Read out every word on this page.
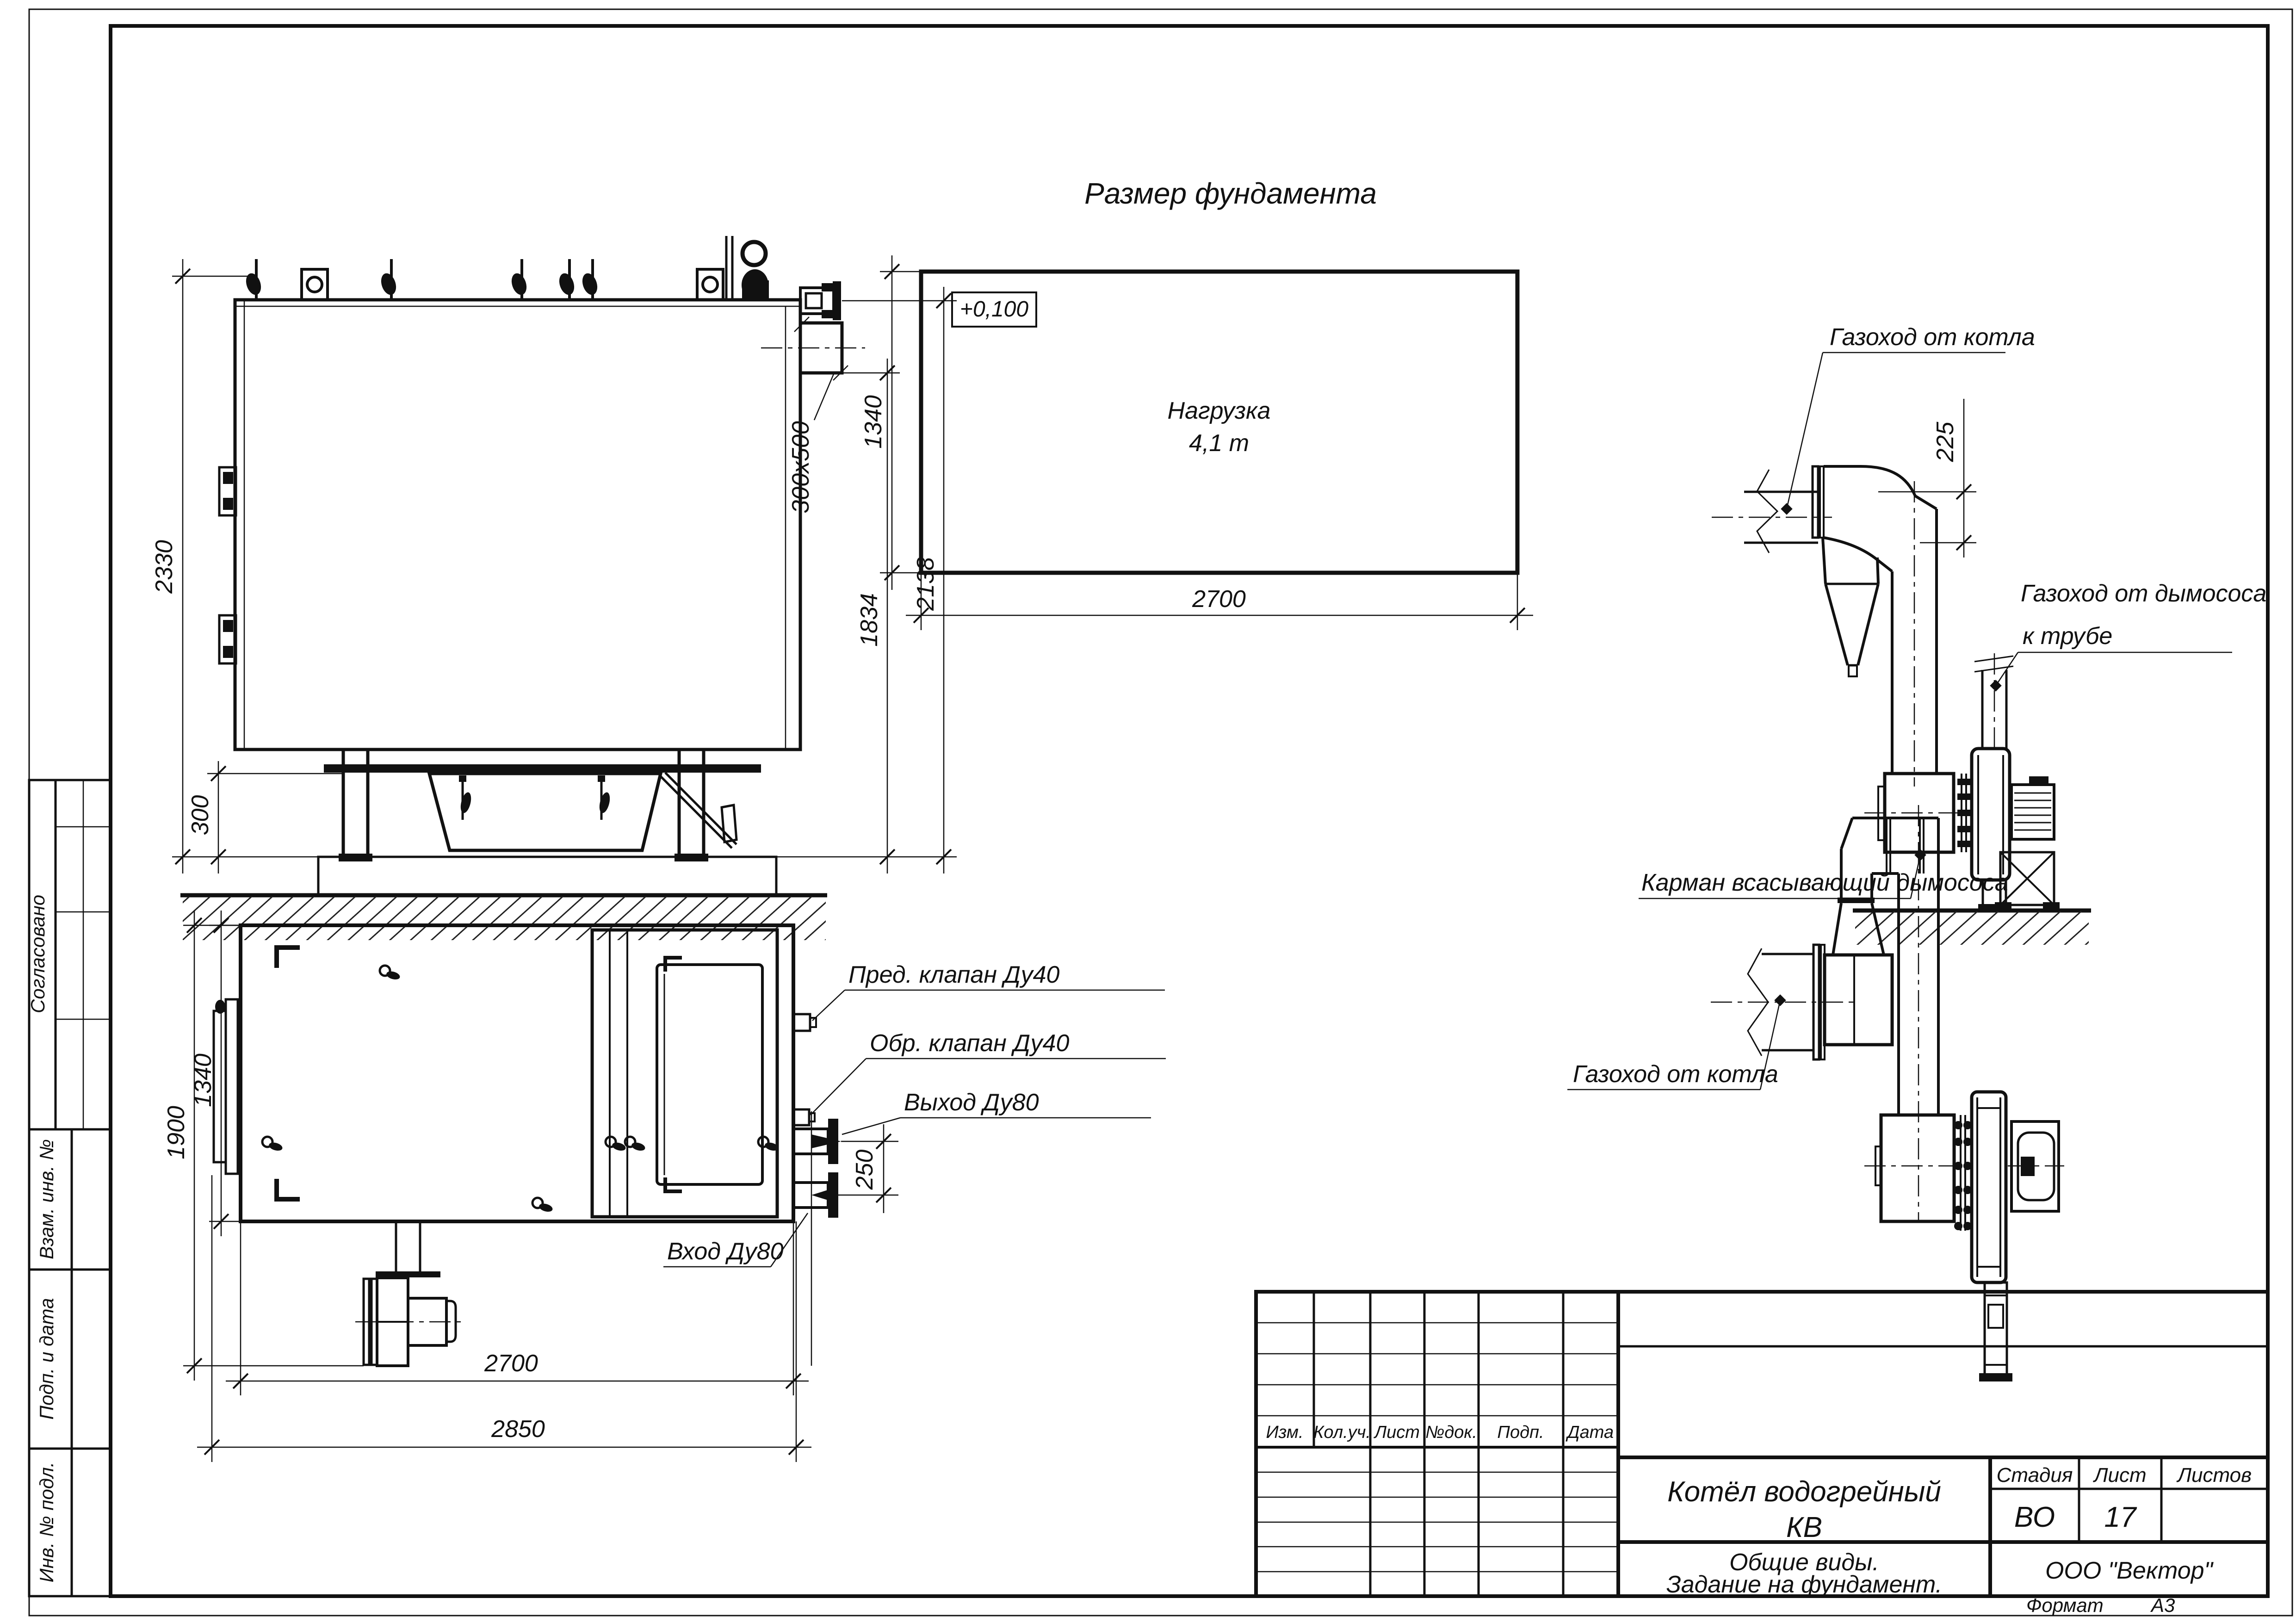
Согласовано
Взам. инв. №
Подп. и дата
Инв. № подл.
Изм. Кол.уч. Лист №док. Подп. Дата
Котёл водогрейный
КВ
Стадия Лист Листов
ВО 17
Общие виды.
Задание на фундамент.
ООО "Вектор"
Формат А3
300х500
2330
300
1834
2138
Размер фундамента
+0,100
Нагрузка
4,1 т
1340
2700
250
Пред. клапан Ду40
Обр. клапан Ду40
Выход Ду80
Вход Ду80
1340
1900
2700
2850
225
Газоход от котла
Газоход от дымососа
к трубе
Карман всасывающий дымососа
Газоход от котла
